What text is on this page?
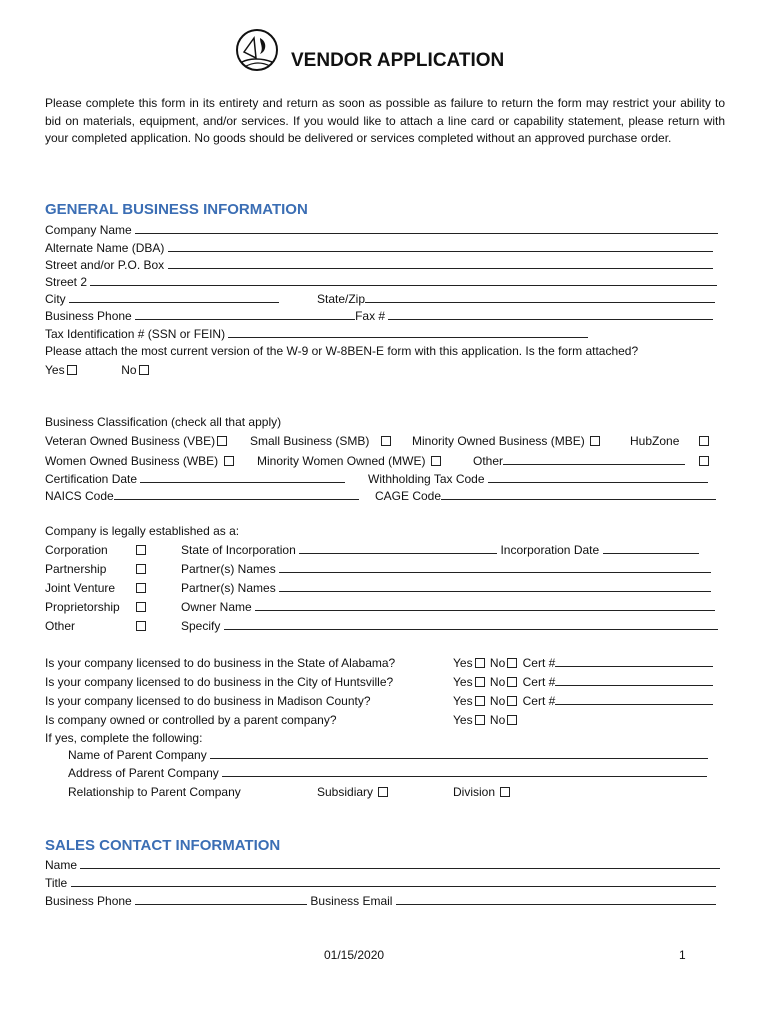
VENDOR APPLICATION
Please complete this form in its entirety and return as soon as possible as failure to return the form may restrict your ability to bid on materials, equipment, and/or services. If you would like to attach a line card or capability statement, please return with your completed application. No goods should be delivered or services completed without an approved purchase order.
GENERAL BUSINESS INFORMATION
Company Name
Alternate Name (DBA)
Street and/or P.O. Box
Street 2
City	State/Zip
Business Phone	Fax #
Tax Identification # (SSN or FEIN)
Please attach the most current version of the W-9 or W-8BEN-E form with this application. Is the form attached?
Yes	No
Business Classification (check all that apply)
Veteran Owned Business (VBE)	Small Business (SMB)	Minority Owned Business (MBE)	HubZone
Women Owned Business (WBE)	Minority Women Owned (MWE)	Other
Certification Date	Withholding Tax Code
NAICS Code	CAGE Code
Company is legally established as a:
Corporation	State of Incorporation	Incorporation Date
Partnership	Partner(s) Names
Joint Venture	Partner(s) Names
Proprietorship	Owner Name
Other	Specify
Is your company licensed to do business in the State of Alabama?	Yes No Cert #
Is your company licensed to do business in the City of Huntsville?	Yes No Cert #
Is your company licensed to do business in Madison County?	Yes No Cert #
Is company owned or controlled by a parent company?	Yes No
If yes, complete the following:
Name of Parent Company
Address of Parent Company
Relationship to Parent Company	Subsidiary	Division
SALES CONTACT INFORMATION
Name
Title
Business Phone	Business Email
01/15/2020	1
